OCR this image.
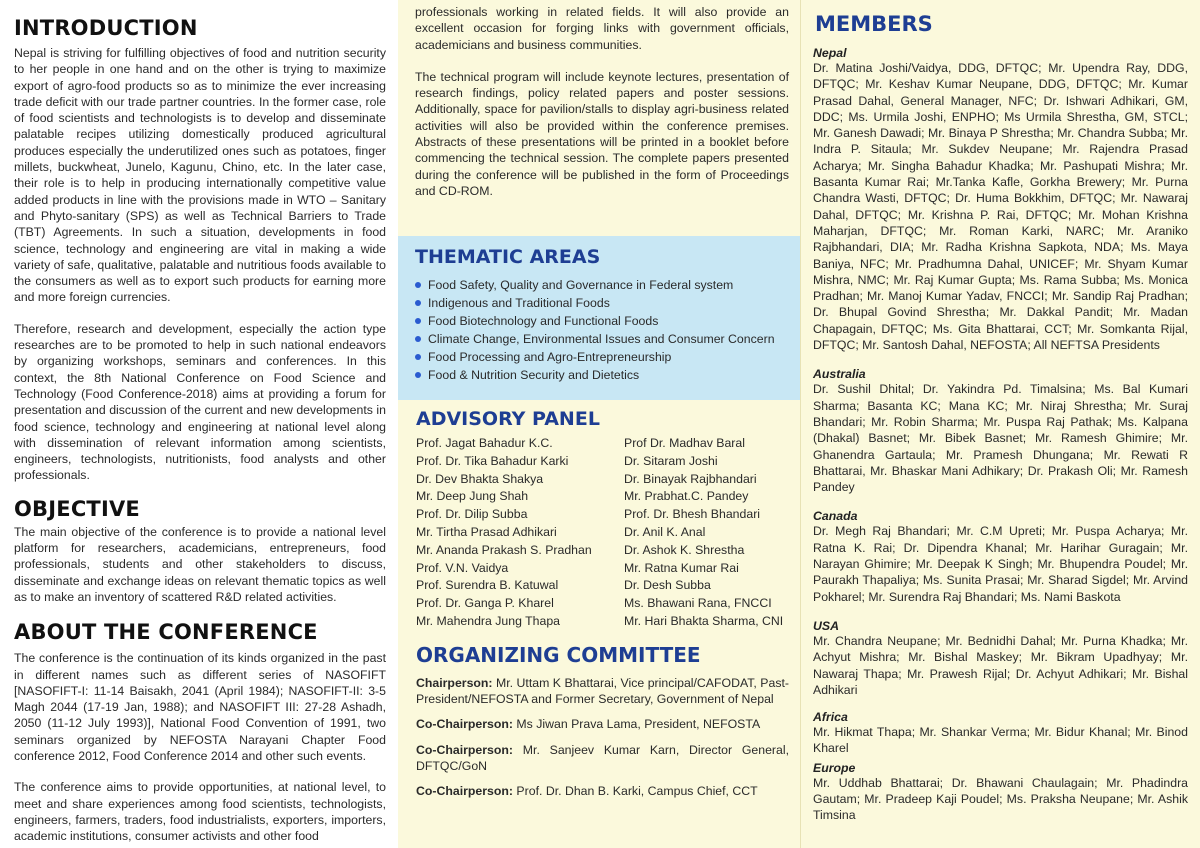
INTRODUCTION

Nepal is striving for fulfilling objectives of food and nutrition security to her people in one hand and on the other is trying to maximize export of agro-food products so as to minimize the ever increasing trade deficit with our trade partner countries. In the former case, role of food scientists and technologists is to develop and disseminate palatable recipes utilizing domestically produced agricultural produces especially the underutilized ones such as potatoes, finger millets, buckwheat, Junelo, Kagunu, Chino, etc. In the later case, their role is to help in producing internationally competitive value added products in line with the provisions made in WTO – Sanitary and Phyto-sanitary (SPS) as well as Technical Barriers to Trade (TBT) Agreements. In such a situation, developments in food science, technology and engineering are vital in making a wide variety of safe, qualitative, palatable and nutritious foods available to the consumers as well as to export such products for earning more and more foreign currencies.

Therefore, research and development, especially the action type researches are to be promoted to help in such national endeavors by organizing workshops, seminars and conferences. In this context, the 8th National Conference on Food Science and Technology (Food Conference-2018) aims at providing a forum for presentation and discussion of the current and new developments in food science, technology and engineering at national level along with dissemination of relevant information among scientists, engineers, technologists, nutritionists, food analysts and other professionals.

OBJECTIVE

The main objective of the conference is to provide a national level platform for researchers, academicians, entrepreneurs, food professionals, students and other stakeholders to discuss, disseminate and exchange ideas on relevant thematic topics as well as to make an inventory of scattered R&D related activities.

ABOUT THE CONFERENCE

The conference is the continuation of its kinds organized in the past in different names such as different series of NASOFIFT [NASOFIFT-I: 11-14 Baisakh, 2041 (April 1984); NASOFIFT-II: 3-5 Magh 2044 (17-19 Jan, 1988); and NASOFIFT III: 27-28 Ashadh, 2050 (11-12 July 1993)], National Food Convention of 1991, two seminars organized by NEFOSTA Narayani Chapter Food conference 2012, Food Conference 2014 and other such events.

The conference aims to provide opportunities, at national level, to meet and share experiences among food scientists, technologists, engineers, farmers, traders, food industrialists, exporters, importers, academic institutions, consumer activists and other food

professionals working in related fields. It will also provide an excellent occasion for forging links with government officials, academicians and business communities.

The technical program will include keynote lectures, presentation of research findings, policy related papers and poster sessions. Additionally, space for pavilion/stalls to display agri-business related activities will also be provided within the conference premises. Abstracts of these presentations will be printed in a booklet before commencing the technical session. The complete papers presented during the conference will be published in the form of Proceedings and CD-ROM.

THEMATIC AREAS
Food Safety, Quality and Governance in Federal system
Indigenous and Traditional Foods
Food Biotechnology and Functional Foods
Climate Change, Environmental Issues and Consumer Concern
Food Processing and Agro-Entrepreneurship
Food & Nutrition Security and Dietetics
ADVISORY PANEL
Prof. Jagat Bahadur K.C.
Prof. Dr. Tika Bahadur Karki
Dr. Dev Bhakta Shakya
Mr. Deep Jung Shah
Prof. Dr. Dilip Subba
Mr. Tirtha Prasad Adhikari
Mr. Ananda Prakash S. Pradhan
Prof. V.N. Vaidya
Prof. Surendra B. Katuwal
Prof. Dr. Ganga P. Kharel
Mr. Mahendra Jung Thapa
Prof Dr. Madhav Baral
Dr. Sitaram Joshi
Dr. Binayak Rajbhandari
Mr. Prabhat.C. Pandey
Prof. Dr. Bhesh Bhandari
Dr. Anil K. Anal
Dr. Ashok K. Shrestha
Mr. Ratna Kumar Rai
Dr. Desh Subba
Ms. Bhawani Rana, FNCCI
Mr. Hari Bhakta Sharma, CNI
ORGANIZING COMMITTEE
Chairperson: Mr. Uttam K Bhattarai, Vice principal/CAFODAT, Past-President/NEFOSTA and Former Secretary, Government of Nepal
Co-Chairperson: Ms Jiwan Prava Lama, President, NEFOSTA
Co-Chairperson: Mr. Sanjeev Kumar Karn, Director General, DFTQC/GoN
Co-Chairperson: Prof. Dr. Dhan B. Karki, Campus Chief, CCT
MEMBERS

Nepal

Dr. Matina Joshi/Vaidya, DDG, DFTQC; Mr. Upendra Ray, DDG, DFTQC; Mr. Keshav Kumar Neupane, DDG, DFTQC; Mr. Kumar Prasad Dahal, General Manager, NFC; Dr. Ishwari Adhikari, GM, DDC; Ms. Urmila Joshi, ENPHO; Ms Urmila Shrestha, GM, STCL; Mr. Ganesh Dawadi; Mr. Binaya P Shrestha; Mr. Chandra Subba; Mr. Indra P. Sitaula; Mr. Sukdev Neupane; Mr. Rajendra Prasad Acharya; Mr. Singha Bahadur Khadka; Mr. Pashupati Mishra; Mr. Basanta Kumar Rai; Mr.Tanka Kafle, Gorkha Brewery; Mr. Purna Chandra Wasti, DFTQC; Dr. Huma Bokkhim, DFTQC; Mr. Nawaraj Dahal, DFTQC; Mr. Krishna P. Rai, DFTQC; Mr. Mohan Krishna Maharjan, DFTQC; Mr. Roman Karki, NARC; Mr. Araniko Rajbhandari, DIA; Mr. Radha Krishna Sapkota, NDA; Ms. Maya Baniya, NFC; Mr. Pradhumna Dahal, UNICEF; Mr. Shyam Kumar Mishra, NMC; Mr. Raj Kumar Gupta; Ms. Rama Subba; Ms. Monica Pradhan; Mr. Manoj Kumar Yadav, FNCCI; Mr. Sandip Raj Pradhan; Dr. Bhupal Govind Shrestha; Mr. Dakkal Pandit; Mr. Madan Chapagain, DFTQC; Ms. Gita Bhattarai, CCT; Mr. Somkanta Rijal, DFTQC; Mr. Santosh Dahal, NEFOSTA; All NEFTSA Presidents

Australia

Dr. Sushil Dhital; Dr. Yakindra Pd. Timalsina; Ms. Bal Kumari Sharma; Basanta KC; Mana KC; Mr. Niraj Shrestha; Mr. Suraj Bhandari; Mr. Robin Sharma; Mr. Puspa Raj Pathak; Ms. Kalpana (Dhakal) Basnet; Mr. Bibek Basnet; Mr. Ramesh Ghimire; Mr. Ghanendra Gartaula; Mr. Pramesh Dhungana; Mr. Rewati R Bhattarai, Mr. Bhaskar Mani Adhikary; Dr. Prakash Oli; Mr. Ramesh Pandey

Canada

Dr. Megh Raj Bhandari; Mr. C.M Upreti; Mr. Puspa Acharya; Mr. Ratna K. Rai; Dr. Dipendra Khanal; Mr. Harihar Guragain; Mr. Narayan Ghimire; Mr. Deepak K Singh; Mr. Bhupendra Poudel; Mr. Paurakh Thapaliya; Ms. Sunita Prasai; Mr. Sharad Sigdel; Mr. Arvind Pokharel; Mr. Surendra Raj Bhandari; Ms. Nami Baskota

USA

Mr. Chandra Neupane; Mr. Bednidhi Dahal; Mr. Purna Khadka; Mr. Achyut Mishra; Mr. Bishal Maskey; Mr. Bikram Upadhyay; Mr. Nawaraj Thapa; Mr. Prawesh Rijal; Dr. Achyut Adhikari; Mr. Bishal Adhikari

Africa

Mr. Hikmat Thapa; Mr. Shankar Verma; Mr. Bidur Khanal; Mr. Binod Kharel

Europe

Mr. Uddhab Bhattarai; Dr. Bhawani Chaulagain; Mr. Phadindra Gautam; Mr. Pradeep Kaji Poudel; Ms. Praksha Neupane; Mr. Ashik Timsina
